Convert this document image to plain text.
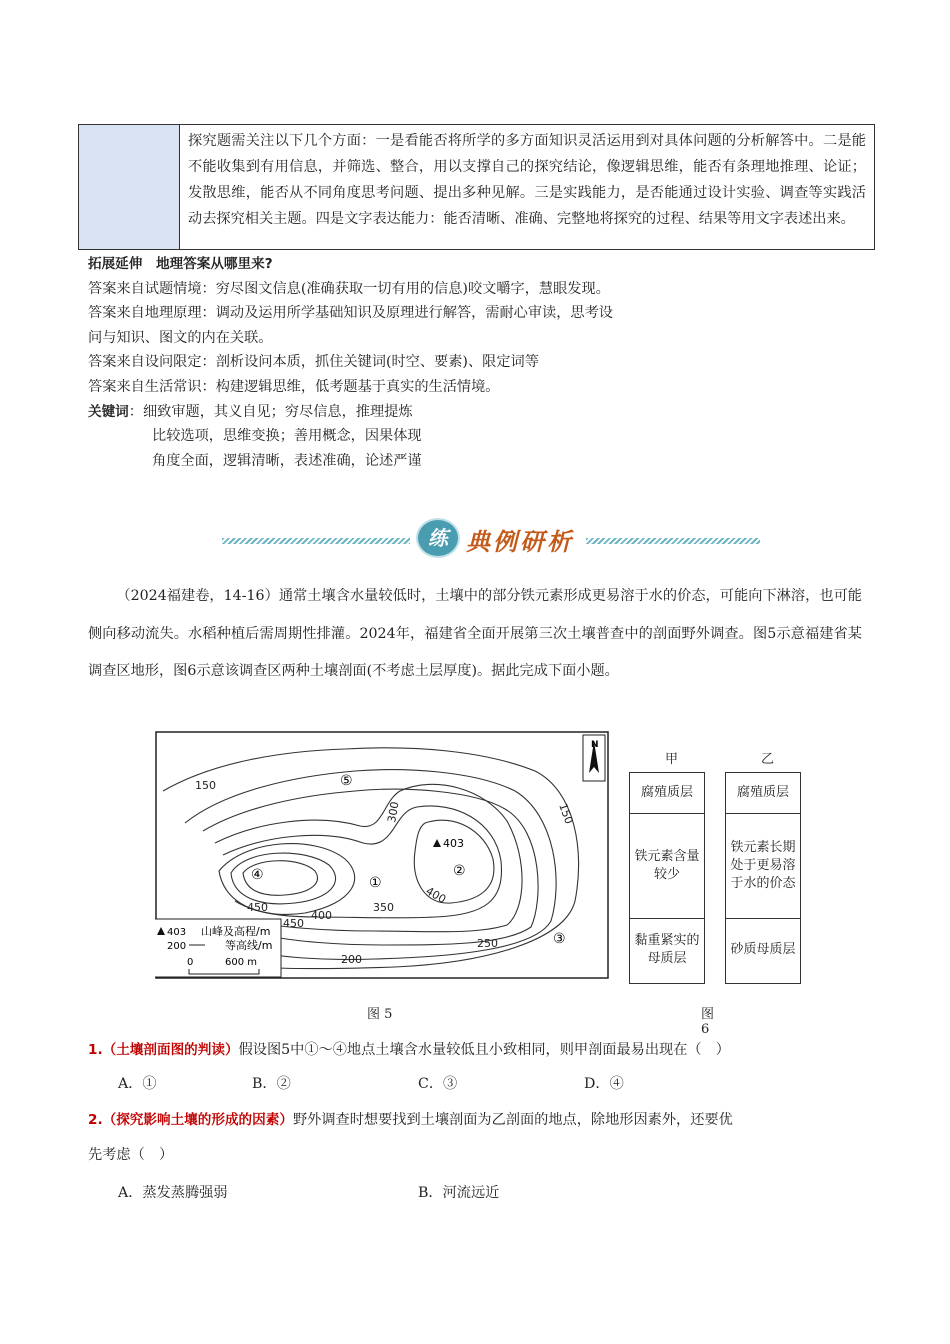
探究题需关注以下几个方面：一是看能否将所学的多方面知识灵活运用到对具体问题的分析解答中。二是能不能收集到有用信息，并筛选、整合，用以支撑自己的探究结论，像逻辑思维，能否有条理地推理、论证；发散思维，能否从不同角度思考问题、提出多种见解。三是实践能力，是否能通过设计实验、调查等实践活动去探究相关主题。四是文字表达能力：能否清晰、准确、完整地将探究的过程、结果等用文字表述出来。
拓展延伸　地理答案从哪里来?
答案来自试题情境：穷尽图文信息(准确获取一切有用的信息)咬文嚼字，慧眼发现。
答案来自地理原理：调动及运用所学基础知识及原理进行解答，需耐心审读，思考设
问与知识、图文的内在关联。
答案来自设问限定：剖析设问本质，抓住关键词(时空、要素)、限定词等
答案来自生活常识：构建逻辑思维，低考题基于真实的生活情境。
关键词：细致审题，其义自见；穷尽信息，推理提炼
比较选项，思维变换；善用概念，因果体现
角度全面，逻辑清晰，表述准确，论述严谨
练 典例研析
（2024福建卷，14-16）通常土壤含水量较低时，土壤中的部分铁元素形成更易溶于水的价态，可能向下淋溶，也可能侧向移动流失。水稻种植后需周期性排灌。2024年，福建省全面开展第三次土壤普查中的剖面野外调查。图5示意福建省某调查区地形，图6示意该调查区两种土壤剖面(不考虑土层厚度)。据此完成下面小题。
N
150
300	150
450
450
400
350
400
250
200
403
⑤
①
②
③
④
403 山峰及高程/m
200	等高线/m
0	600 m
图 5
甲	乙
腐殖质层
铁元素含量较少
黏重紧实的母质层
腐殖质层
铁元素长期处于更易溶于水的价态
砂质母质层
图 6
1.（土壤剖面图的判读）假设图5中①～④地点土壤含水量较低且小致相同，则甲剖面最易出现在（　）
A．①	B．②	C．③	D．④
2.（探究影响土壤的形成的因素）野外调查时想要找到土壤剖面为乙剖面的地点，除地形因素外，还要优
先考虑（　）
A．蒸发蒸腾强弱	B．河流远近
